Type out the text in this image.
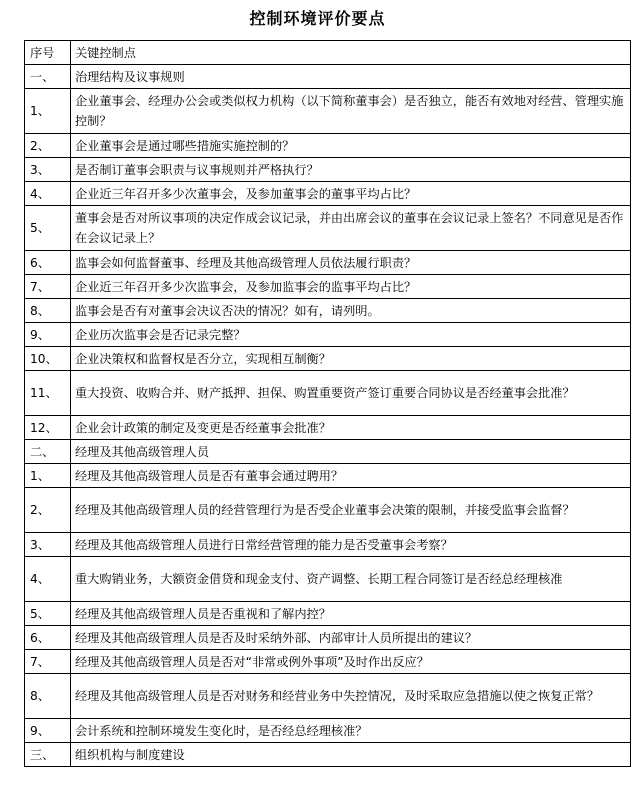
控制环境评价要点
序号	关键控制点
一、	治理结构及议事规则
1、	企业董事会、经理办公会或类似权力机构（以下简称董事会）是否独立，能否有效地对经营、管理实施控制？
2、	企业董事会是通过哪些措施实施控制的？
3、	是否制订董事会职责与议事规则并严格执行？
4、	企业近三年召开多少次董事会，及参加董事会的董事平均占比？
5、	董事会是否对所议事项的决定作成会议记录，并由出席会议的董事在会议记录上签名？不同意见是否作在会议记录上？
6、	监事会如何监督董事、经理及其他高级管理人员依法履行职责？
7、	企业近三年召开多少次监事会，及参加监事会的监事平均占比？
8、	监事会是否有对董事会决议否决的情况？如有，请列明。
9、	企业历次监事会是否记录完整？
10、	企业决策权和监督权是否分立，实现相互制衡？
11、	重大投资、收购合并、财产抵押、担保、购置重要资产签订重要合同协议是否经董事会批准？
12、	企业会计政策的制定及变更是否经董事会批准？
二、	经理及其他高级管理人员
1、	经理及其他高级管理人员是否有董事会通过聘用？
2、	经理及其他高级管理人员的经营管理行为是否受企业董事会决策的限制，并接受监事会监督？
3、	经理及其他高级管理人员进行日常经营管理的能力是否受董事会考察？
4、	重大购销业务，大额资金借贷和现金支付、资产调整、长期工程合同签订是否经总经理核准
5、	经理及其他高级管理人员是否重视和了解内控？
6、	经理及其他高级管理人员是否及时采纳外部、内部审计人员所提出的建议？
7、	经理及其他高级管理人员是否对“非常或例外事项”及时作出反应？
8、	经理及其他高级管理人员是否对财务和经营业务中失控情况，及时采取应急措施以使之恢复正常？
9、	会计系统和控制环境发生变化时，是否经总经理核准？
三、	组织机构与制度建设
